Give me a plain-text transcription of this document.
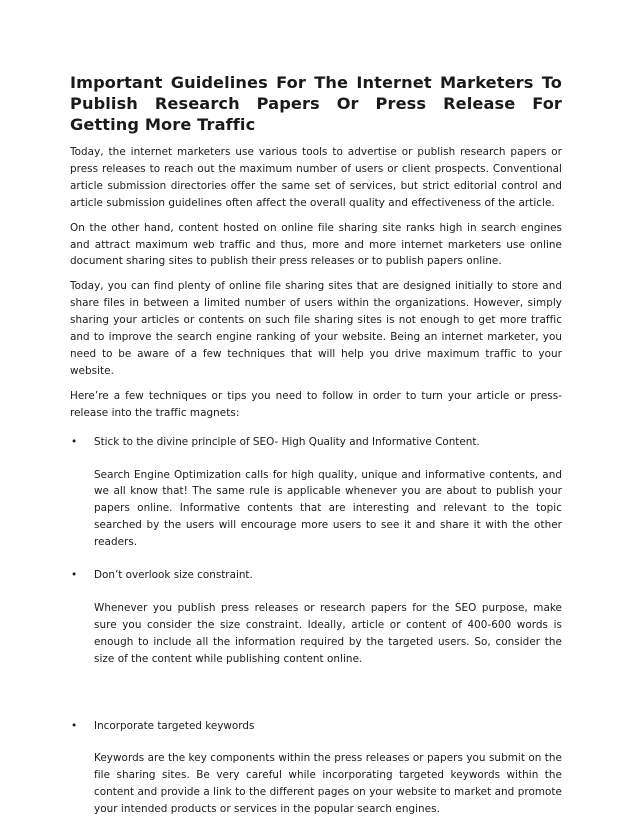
Important Guidelines For The Internet Marketers To Publish Research Papers Or Press Release For Getting More Traffic

Today, the internet marketers use various tools to advertise or publish research papers or press releases to reach out the maximum number of users or client prospects. Conventional article submission directories offer the same set of services, but strict editorial control and article submission guidelines often affect the overall quality and effectiveness of the article.

On the other hand, content hosted on online file sharing site ranks high in search engines and attract maximum web traffic and thus, more and more internet marketers use online document sharing sites to publish their press releases or to publish papers online.

Today, you can find plenty of online file sharing sites that are designed initially to store and share files in between a limited number of users within the organizations. However, simply sharing your articles or contents on such file sharing sites is not enough to get more traffic and to improve the search engine ranking of your website. Being an internet marketer, you need to be aware of a few techniques that will help you drive maximum traffic to your website.

Here’re a few techniques or tips you need to follow in order to turn your article or press-release into the traffic magnets:

• Stick to the divine principle of SEO- High Quality and Informative Content.

Search Engine Optimization calls for high quality, unique and informative contents, and we all know that! The same rule is applicable whenever you are about to publish your papers online. Informative contents that are interesting and relevant to the topic searched by the users will encourage more users to see it and share it with the other readers.

• Don’t overlook size constraint.

Whenever you publish press releases or research papers for the SEO purpose, make sure you consider the size constraint. Ideally, article or content of 400-600 words is enough to include all the information required by the targeted users. So, consider the size of the content while publishing content online.

• Incorporate targeted keywords

Keywords are the key components within the press releases or papers you submit on the file sharing sites. Be very careful while incorporating targeted keywords within the content and provide a link to the different pages on your website to market and promote your intended products or services in the popular search engines.
